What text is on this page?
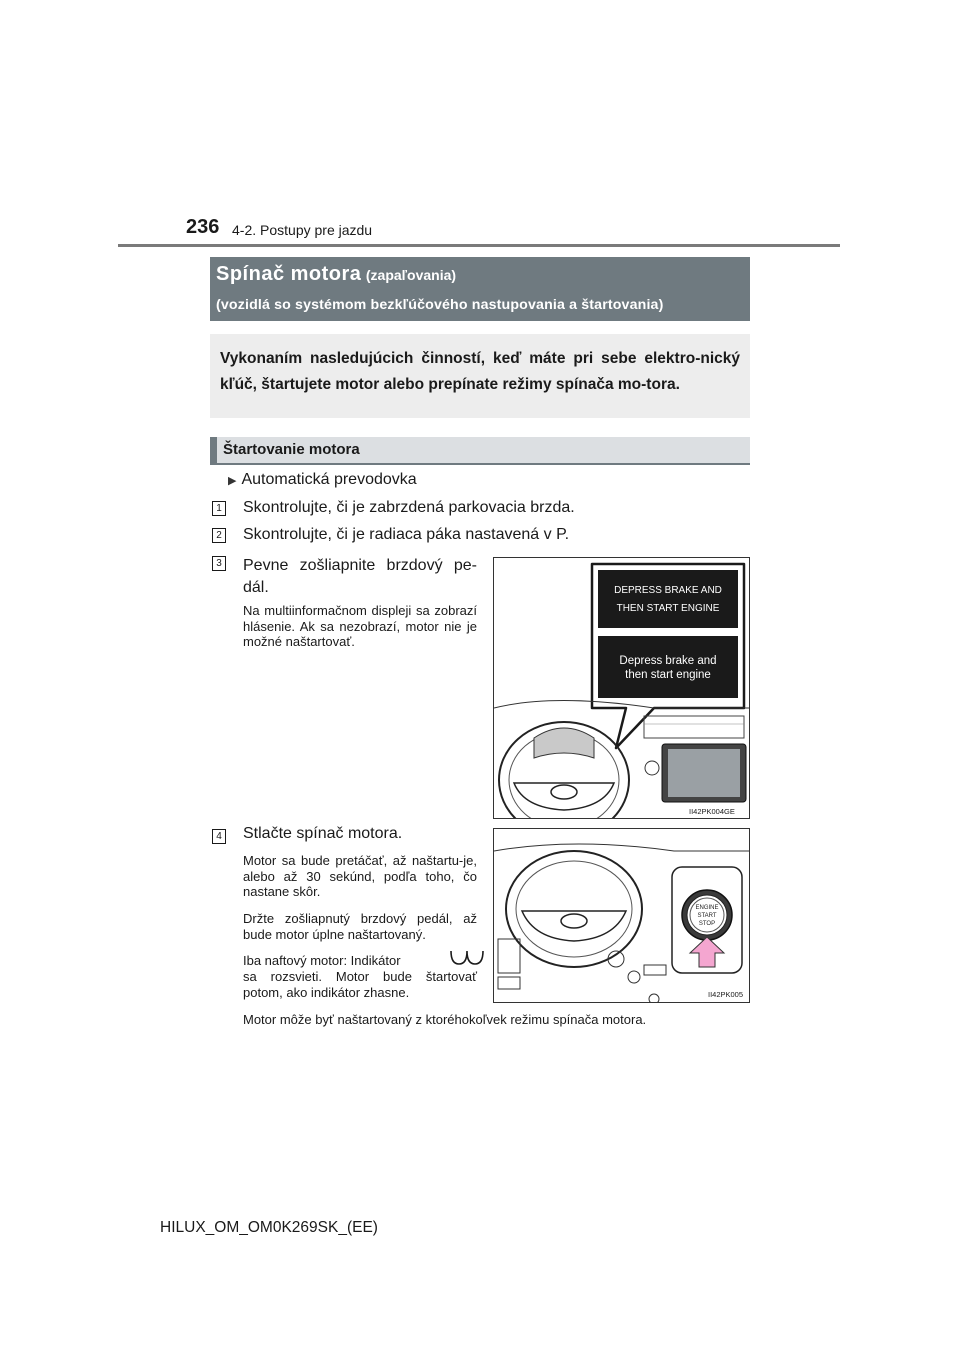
236 4-2. Postupy pre jazdu
Spínač motora (zapaľovania)
(vozidlá so systémom bezkľúčového nastupovania a štartovania)
Vykonaním nasledujúcich činností, keď máte pri sebe elektro-nický kľúč, štartujete motor alebo prepínate režimy spínača mo-tora.
Štartovanie motora
▶ Automatická prevodovka
1 Skontrolujte, či je zabrzdená parkovacia brzda.
2 Skontrolujte, či je radiaca páka nastavená v P.
3 Pevne zošliapnite brzdový pe-dál.
Na multiinformačnom displeji sa zobrazí hlásenie. Ak sa nezobrazí, motor nie je možné naštartovať.
4 Stlačte spínač motora.
Motor sa bude pretáčať, až naštartu-je, alebo až 30 sekúnd, podľa toho, čo nastane skôr.
Držte zošliapnutý brzdový pedál, až bude motor úplne naštartovaný.
Iba naftový motor: Indikátor
sa rozsvieti. Motor bude štartovať potom, ako indikátor zhasne.
Motor môže byť naštartovaný z ktoréhokoľvek režimu spínača motora.
DEPRESS BRAKE AND
THEN START ENGINE
Depress brake and
then start engine
II42PK004GE
ENGINE
START
STOP
II42PK005
HILUX_OM_OM0K269SK_(EE)
